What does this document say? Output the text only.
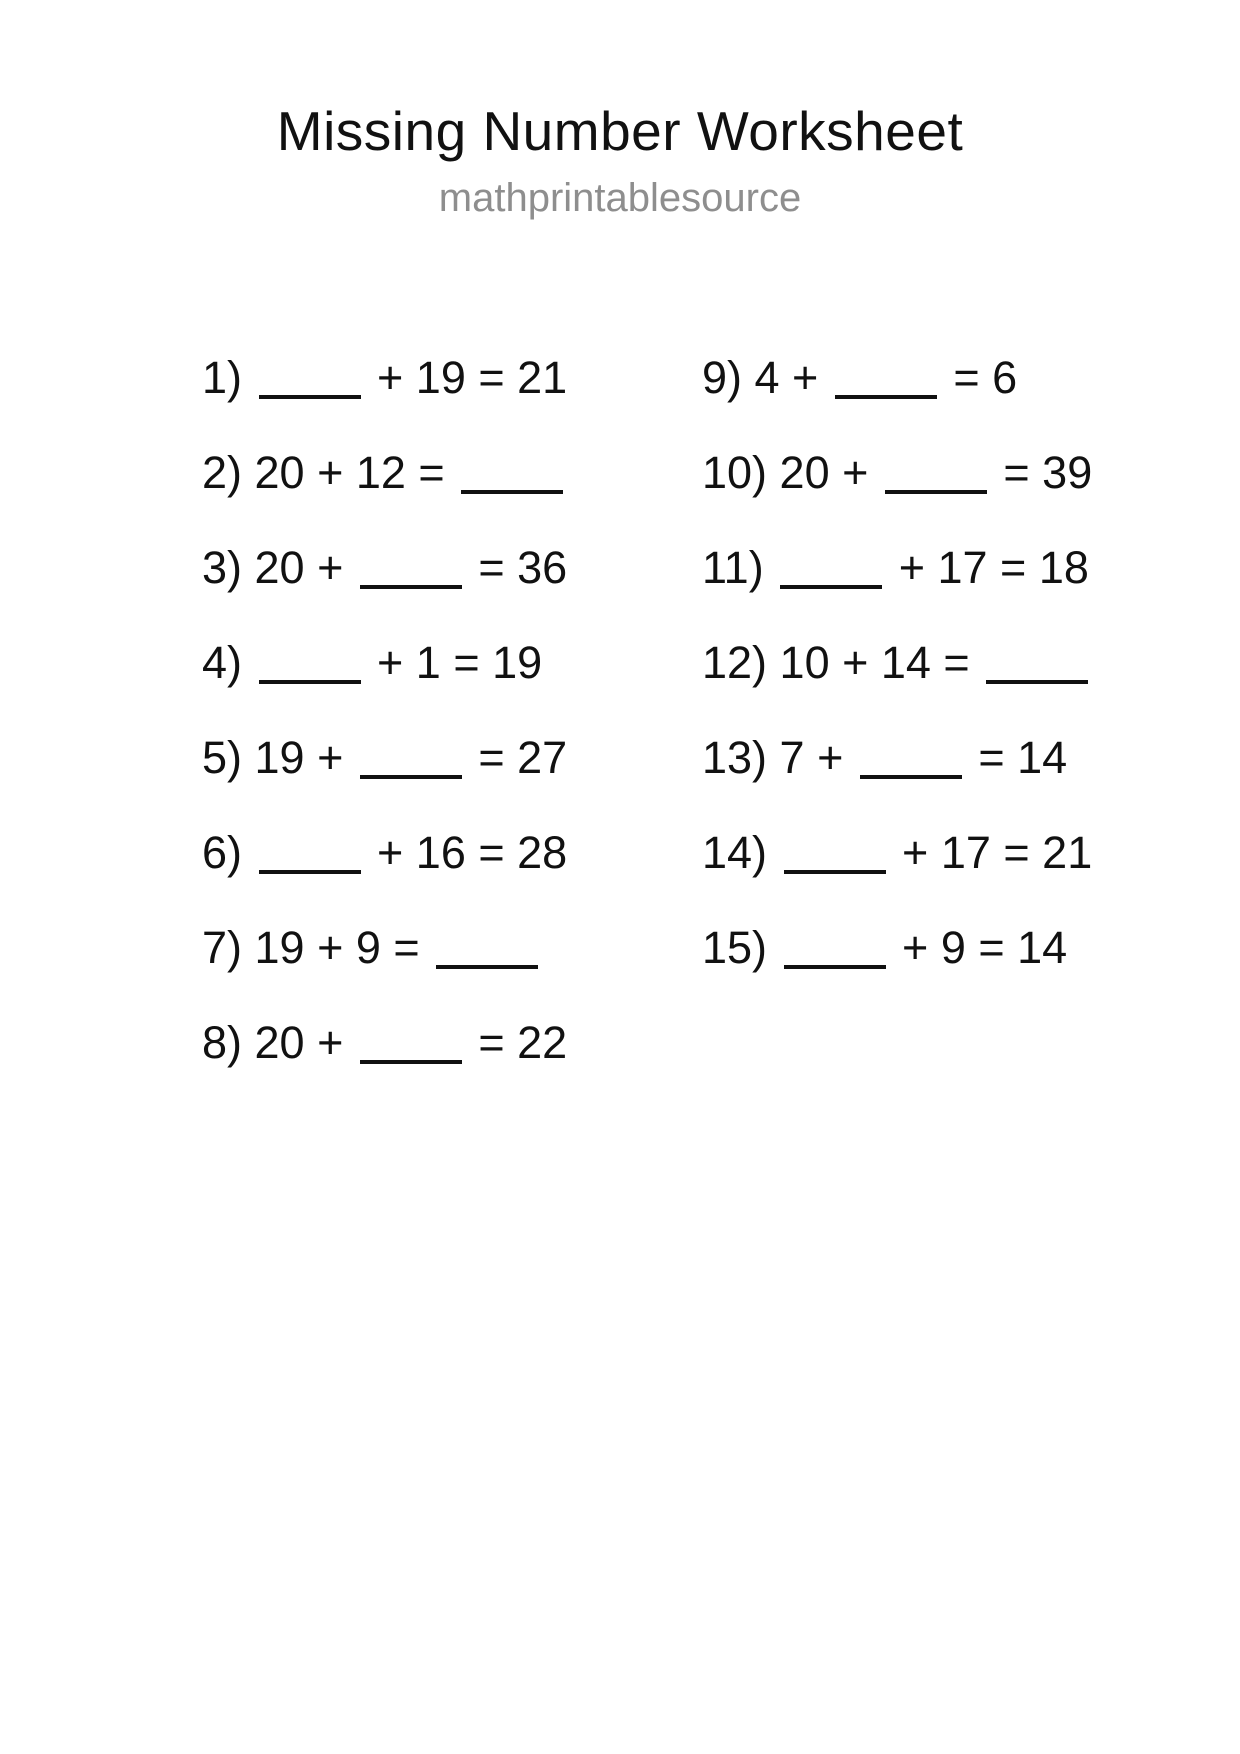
Missing Number Worksheet
mathprintablesource
1)  + 19 = 21
2) 20 + 12 =
3) 20 +  = 36
4)  + 1 = 19
5) 19 +  = 27
6)  + 16 = 28
7) 19 + 9 =
8) 20 +  = 22
9) 4 +  = 6
10) 20 +  = 39
11)  + 17 = 18
12) 10 + 14 =
13) 7 +  = 14
14)  + 17 = 21
15)  + 9 = 14
